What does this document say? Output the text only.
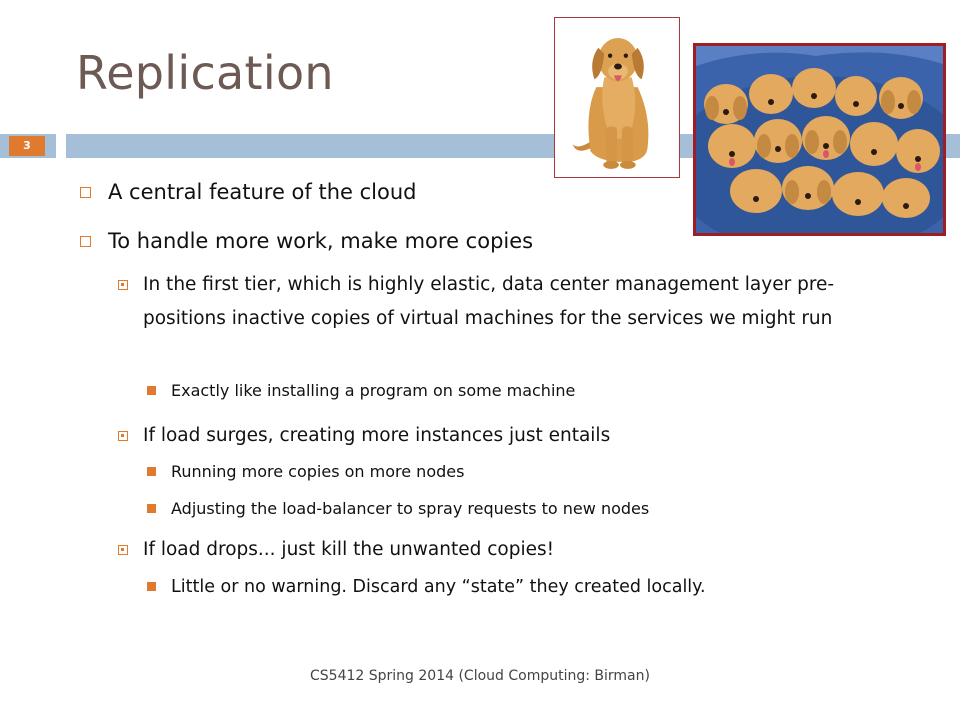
Replication
3
A central feature of the cloud
To handle more work, make more copies
In the first tier, which is highly elastic, data center management layer pre-positions inactive copies of virtual machines for the services we might run
Exactly like installing a program on some machine
If load surges, creating more instances just entails
Running more copies on more nodes
Adjusting the load-balancer to spray requests to new nodes
If load drops... just kill the unwanted copies!
Little or no warning. Discard any “state” they created locally.
CS5412 Spring 2014 (Cloud Computing: Birman)
